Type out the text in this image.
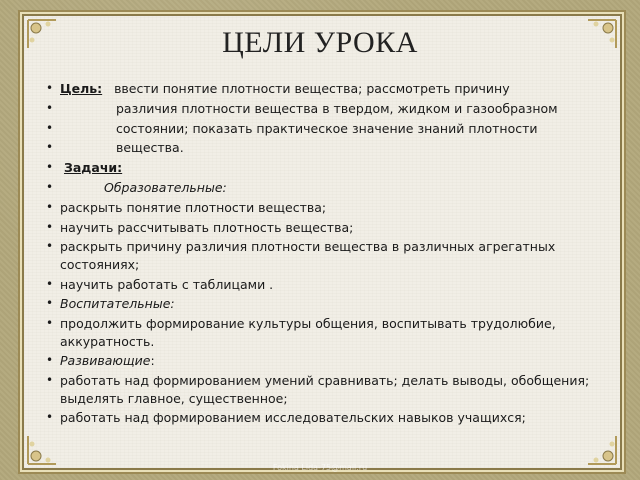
ЦЕЛИ УРОКА
• Цель: ввести понятие плотности вещества; рассмотреть причину
• различия плотности вещества в твердом, жидком и газообразном
• состоянии; показать практическое значение знаний плотности
• вещества.
• Задачи:
• Образовательные:
• раскрыть понятие плотности вещества;
• научить рассчитывать плотность вещества;
• раскрыть причину различия плотности вещества в различных агрегатных состояниях;
• научить работать с таблицами .
• Воспитательные:
• продолжить формирование культуры общения, воспитывать трудолюбие, аккуратность.
• Развивающие:
• работать над формированием умений сравнивать; делать выводы, обобщения; выделять главное, существенное;
• работать над формированием исследовательских навыков учащихся;
Fokina Lida-75@mail.ru
